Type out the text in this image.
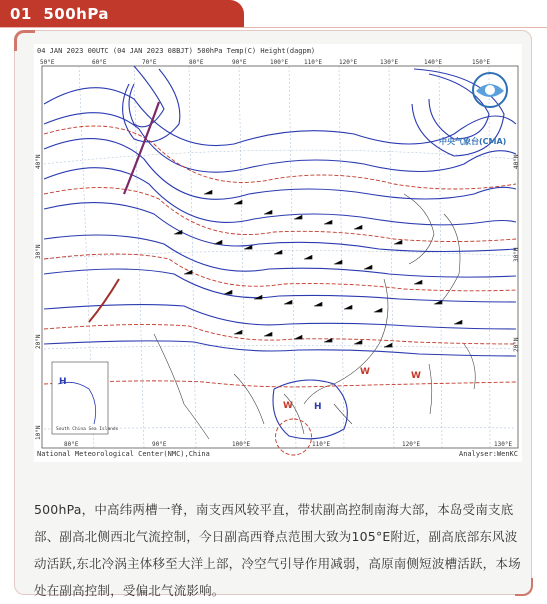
01 500hPa
South China Sea Islands
H
H
W
W	W
50°E	60°E	70°E	80°E	90°E	100°E	110°E	120°E	130°E	140°E	150°E
80°E	90°E	100°E	110°E	120°E	130°E
40°N
30°N
20°N
10°N
40°N
30°N
20°N
04 JAN 2023 00UTC (04 JAN 2023 08BJT) 500hPa Temp(C) Height(dagpm)
中央气象台(CMA)
National Meteorological Center(NMC),China	Analyser:WenKC
500hPa，中高纬两槽一脊，南支西风较平直，带状副高控制南海大部，本岛受南支底部、副高北侧西北气流控制，今日副高西脊点范围大致为105°E附近，副高底部东风波动活跃,东北冷涡主体移至大洋上部，冷空气引导作用减弱，高原南侧短波槽活跃，本场处在副高控制，受偏北气流影响。
